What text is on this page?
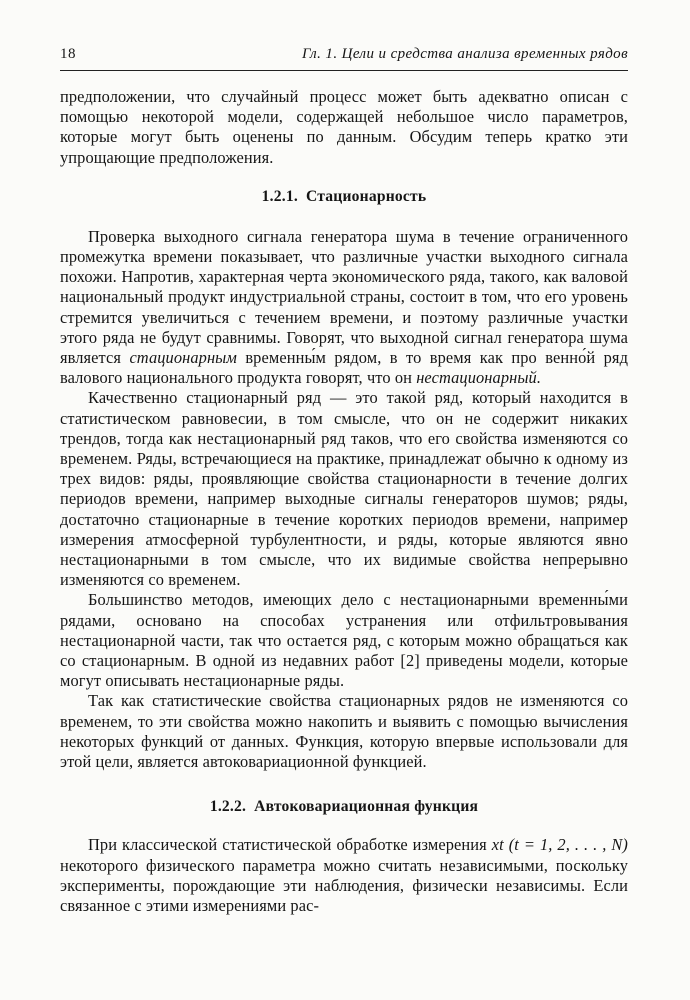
18	Гл. 1. Цели и средства анализа временных рядов

предположении, что случайный процесс может быть адекватно описан с помощью некоторой модели, содержащей небольшое число параметров, которые могут быть оценены по данным. Обсудим теперь кратко эти упрощающие предположения.

1.2.1. Стационарность

Проверка выходного сигнала генератора шума в течение ограниченного промежутка времени показывает, что различные участки выходного сигнала похожи. Напротив, характерная черта экономического ряда, такого, как валовой национальный продукт индустриальной страны, состоит в том, что его уровень стремится увеличиться с течением времени, и поэтому различные участки этого ряда не будут сравнимы. Говорят, что выходной сигнал генератора шума является стационарным временны́м рядом, в то время как про венно́й ряд валового национального продукта говорят, что он нестационарный.

Качественно стационарный ряд — это такой ряд, который находится в статистическом равновесии, в том смысле, что он не содержит никаких трендов, тогда как нестационарный ряд таков, что его свойства изменяются со временем. Ряды, встречающиеся на практике, принадлежат обычно к одному из трех видов: ряды, проявляющие свойства стационарности в течение долгих периодов времени, например выходные сигналы генераторов шумов; ряды, достаточно стационарные в течение коротких периодов времени, например измерения атмосферной турбулентности, и ряды, которые являются явно нестационарными в том смысле, что их видимые свойства непрерывно изменяются со временем.

Большинство методов, имеющих дело с нестационарными временны́ми рядами, основано на способах устранения или отфильтровывания нестационарной части, так что остается ряд, с которым можно обращаться как со стационарным. В одной из недавних работ [2] приведены модели, которые могут описывать нестационарные ряды.

Так как статистические свойства стационарных рядов не изменяются со временем, то эти свойства можно накопить и выявить с помощью вычисления некоторых функций от данных. Функция, которую впервые использовали для этой цели, является автоковариационной функцией.

1.2.2. Автоковариационная функция

При классической статистической обработке измерения xt (t = 1, 2, . . . , N) некоторого физического параметра можно считать независимыми, поскольку эксперименты, порождающие эти наблюдения, физически независимы. Если связанное с этими измерениями рас-
